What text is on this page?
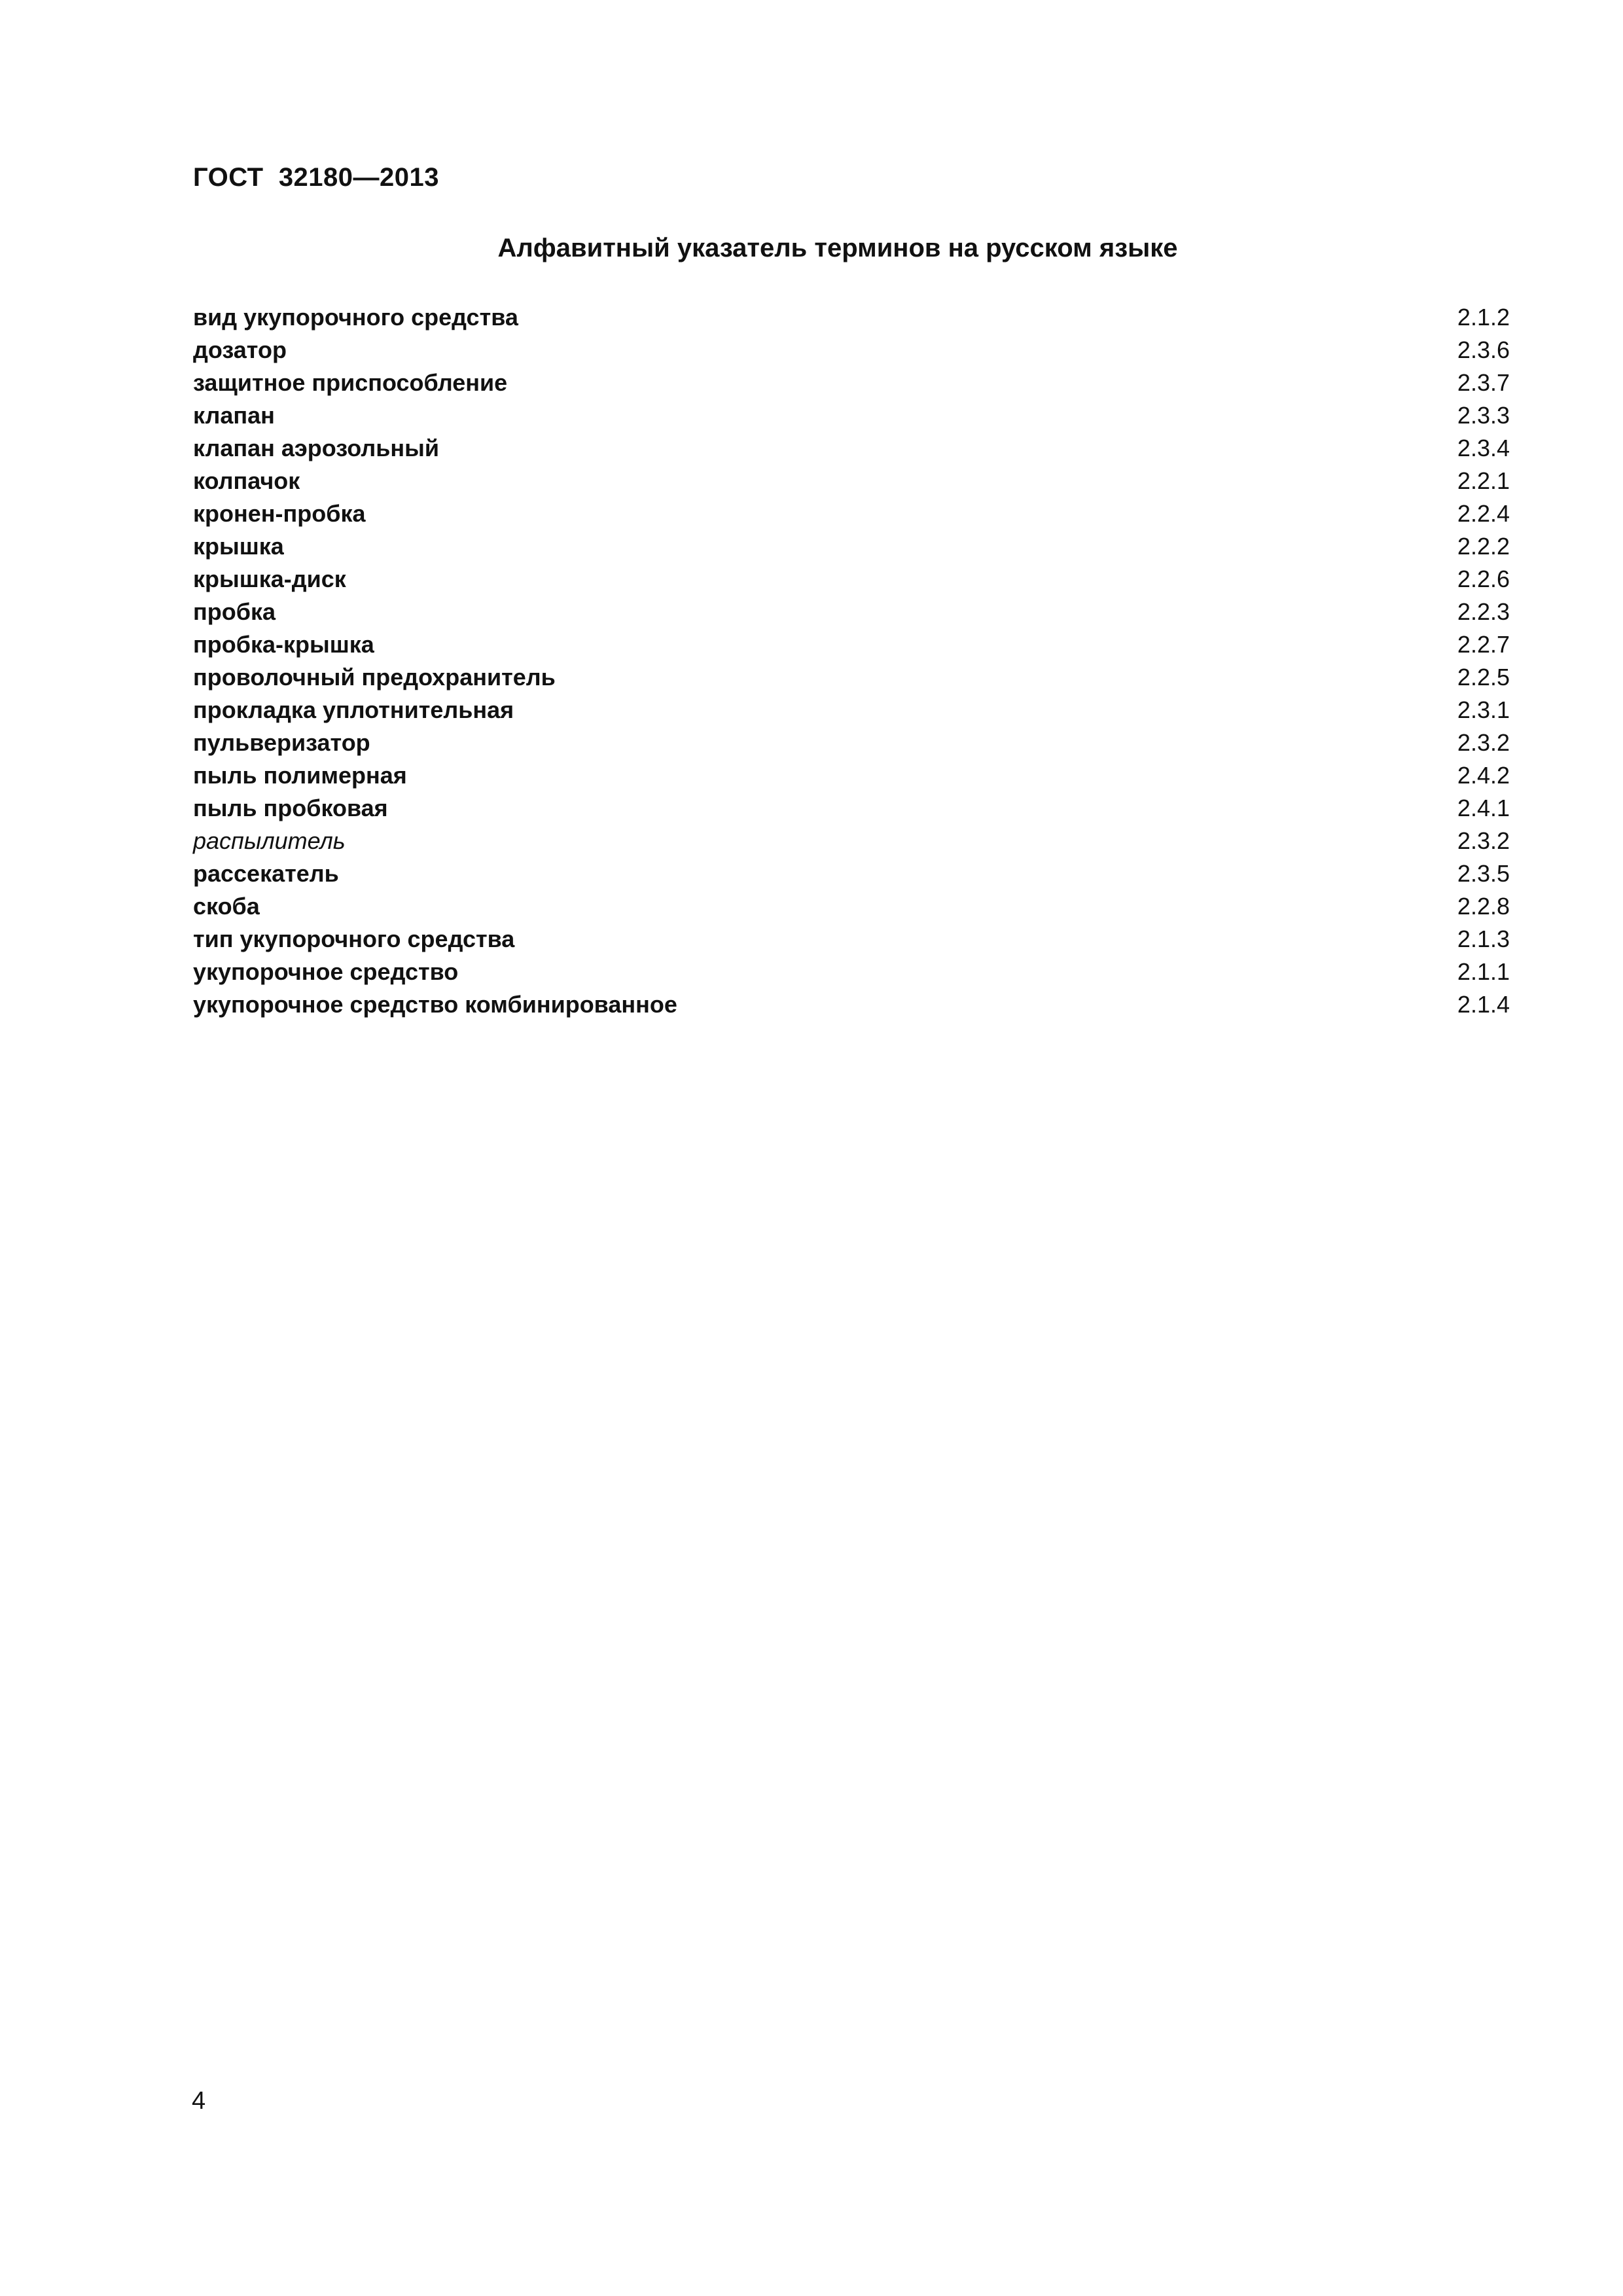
ГОСТ  32180—2013
Алфавитный указатель терминов на русском языке
вид укупорочного средства	2.1.2
дозатор	2.3.6
защитное приспособление	2.3.7
клапан	2.3.3
клапан аэрозольный	2.3.4
колпачок	2.2.1
кронен-пробка	2.2.4
крышка	2.2.2
крышка-диск	2.2.6
пробка	2.2.3
пробка-крышка	2.2.7
проволочный предохранитель	2.2.5
прокладка уплотнительная	2.3.1
пульверизатор	2.3.2
пыль полимерная	2.4.2
пыль пробковая	2.4.1
распылитель	2.3.2
рассекатель	2.3.5
скоба	2.2.8
тип укупорочного средства	2.1.3
укупорочное средство	2.1.1
укупорочное средство комбинированное	2.1.4
4
